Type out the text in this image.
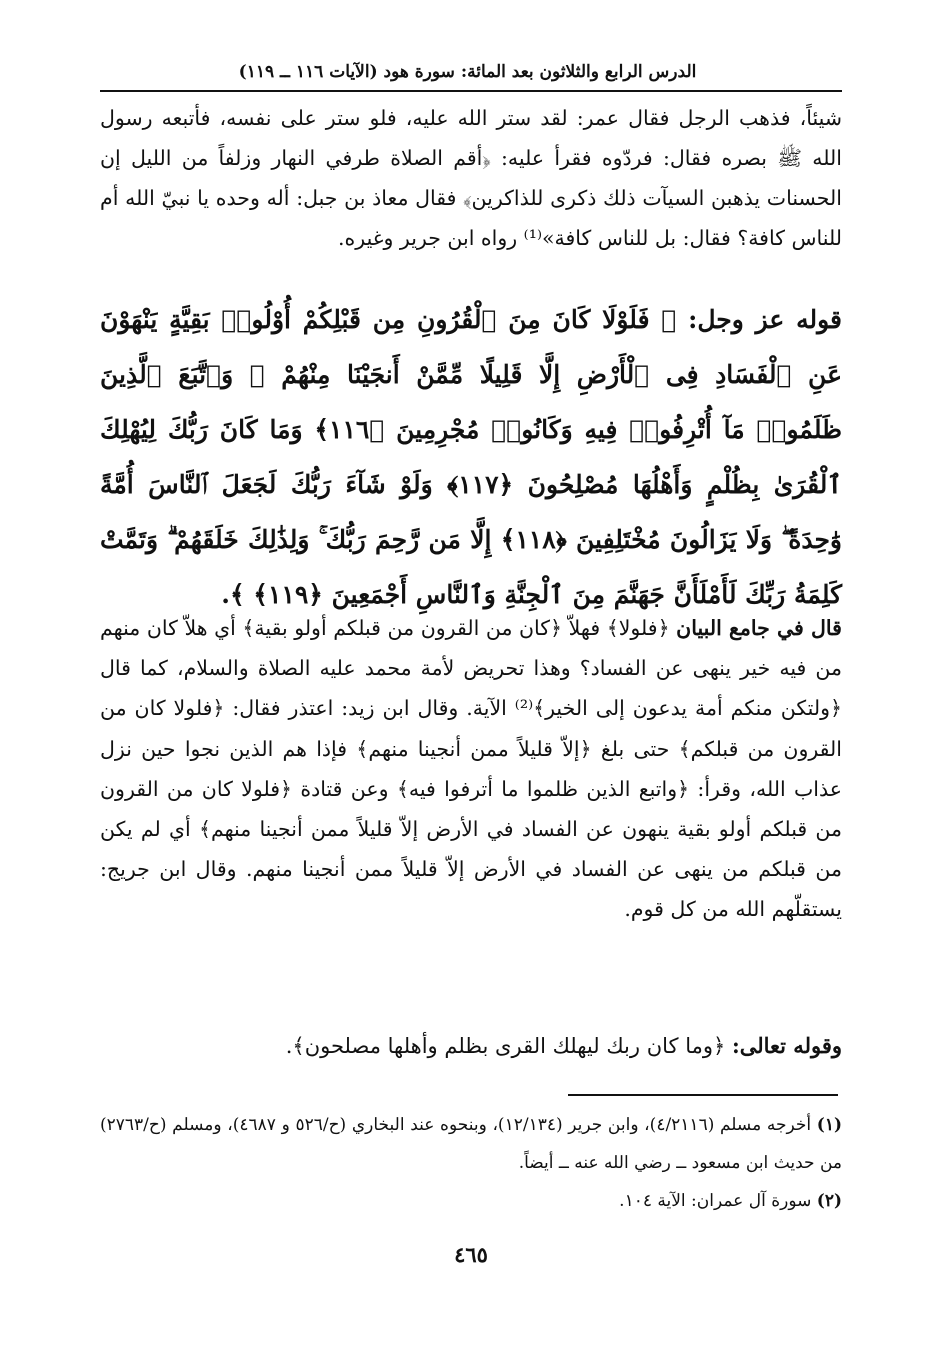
الدرس الرابع والثلاثون بعد المائة: سورة هود (الآيات ١١٦ ــ ١١٩)

شيئاً، فذهب الرجل فقال عمر: لقد ستر الله عليه، فلو ستر على نفسه، فأتبعه رسول الله ﷺ بصره فقال: فردّوه فقرأ عليه: ﴿أقم الصلاة طرفي النهار وزلفاً من الليل إن الحسنات يذهبن السيآت ذلك ذكرى للذاكرين﴾ فقال معاذ بن جبل: أله وحده يا نبيّ الله أم للناس كافة؟ فقال: بل للناس كافة»⁽¹⁾ رواه ابن جرير وغيره.

قوله عز وجل: ﴿ فَلَوْلَا كَانَ مِنَ ٱلْقُرُونِ مِن قَبْلِكُمْ أُوْلُوا۟ بَقِيَّةٍ يَنْهَوْنَ عَنِ ٱلْفَسَادِ فِى ٱلْأَرْضِ إِلَّا قَلِيلًا مِّمَّنْ أَنجَيْنَا مِنْهُمْ ۗ وَٱتَّبَعَ ٱلَّذِينَ ظَلَمُوا۟ مَآ أُتْرِفُوا۟ فِيهِ وَكَانُوا۟ مُجْرِمِينَ ﴿١١٦﴾ وَمَا كَانَ رَبُّكَ لِيُهْلِكَ ٱلْقُرَىٰ بِظُلْمٍ وَأَهْلُهَا مُصْلِحُونَ ﴿١١٧﴾ وَلَوْ شَآءَ رَبُّكَ لَجَعَلَ ٱلنَّاسَ أُمَّةً وَٰحِدَةً ۖ وَلَا يَزَالُونَ مُخْتَلِفِينَ ﴿١١٨﴾ إِلَّا مَن رَّحِمَ رَبُّكَ ۚ وَلِذَٰلِكَ خَلَقَهُمْ ۗ وَتَمَّتْ كَلِمَةُ رَبِّكَ لَأَمْلَأَنَّ جَهَنَّمَ مِنَ ٱلْجِنَّةِ وَٱلنَّاسِ أَجْمَعِينَ ﴿١١٩﴾ ﴾.

قال في جامع البيان ﴿فلولا﴾ فهلاّ ﴿كان من القرون من قبلكم أولو بقية﴾ أي هلاّ كان منهم من فيه خير ينهى عن الفساد؟ وهذا تحريض لأمة محمد عليه الصلاة والسلام، كما قال ﴿ولتكن منكم أمة يدعون إلى الخير﴾⁽²⁾ الآية. وقال ابن زيد: اعتذر فقال: ﴿فلولا كان من القرون من قبلكم﴾ حتى بلغ ﴿إلاّ قليلاً ممن أنجينا منهم﴾ فإذا هم الذين نجوا حين نزل عذاب الله، وقرأ: ﴿واتبع الذين ظلموا ما أترفوا فيه﴾ وعن قتادة ﴿فلولا كان من القرون من قبلكم أولو بقية ينهون عن الفساد في الأرض إلاّ قليلاً ممن أنجينا منهم﴾ أي لم يكن من قبلكم من ينهى عن الفساد في الأرض إلاّ قليلاً ممن أنجينا منهم. وقال ابن جريج: يستقلّهم الله من كل قوم.

وقوله تعالى: ﴿وما كان ربك ليهلك القرى بظلم وأهلها مصلحون﴾.

(١) أخرجه مسلم (٤/٢١١٦)، وابن جرير (١٢/١٣٤)، وبنحوه عند البخاري (ح/٥٢٦ و ٤٦٨٧)، ومسلم (ح/٢٧٦٣) من حديث ابن مسعود ــ رضي الله عنه ــ أيضاً.

(٢) سورة آل عمران: الآية ١٠٤.

٤٦٥
